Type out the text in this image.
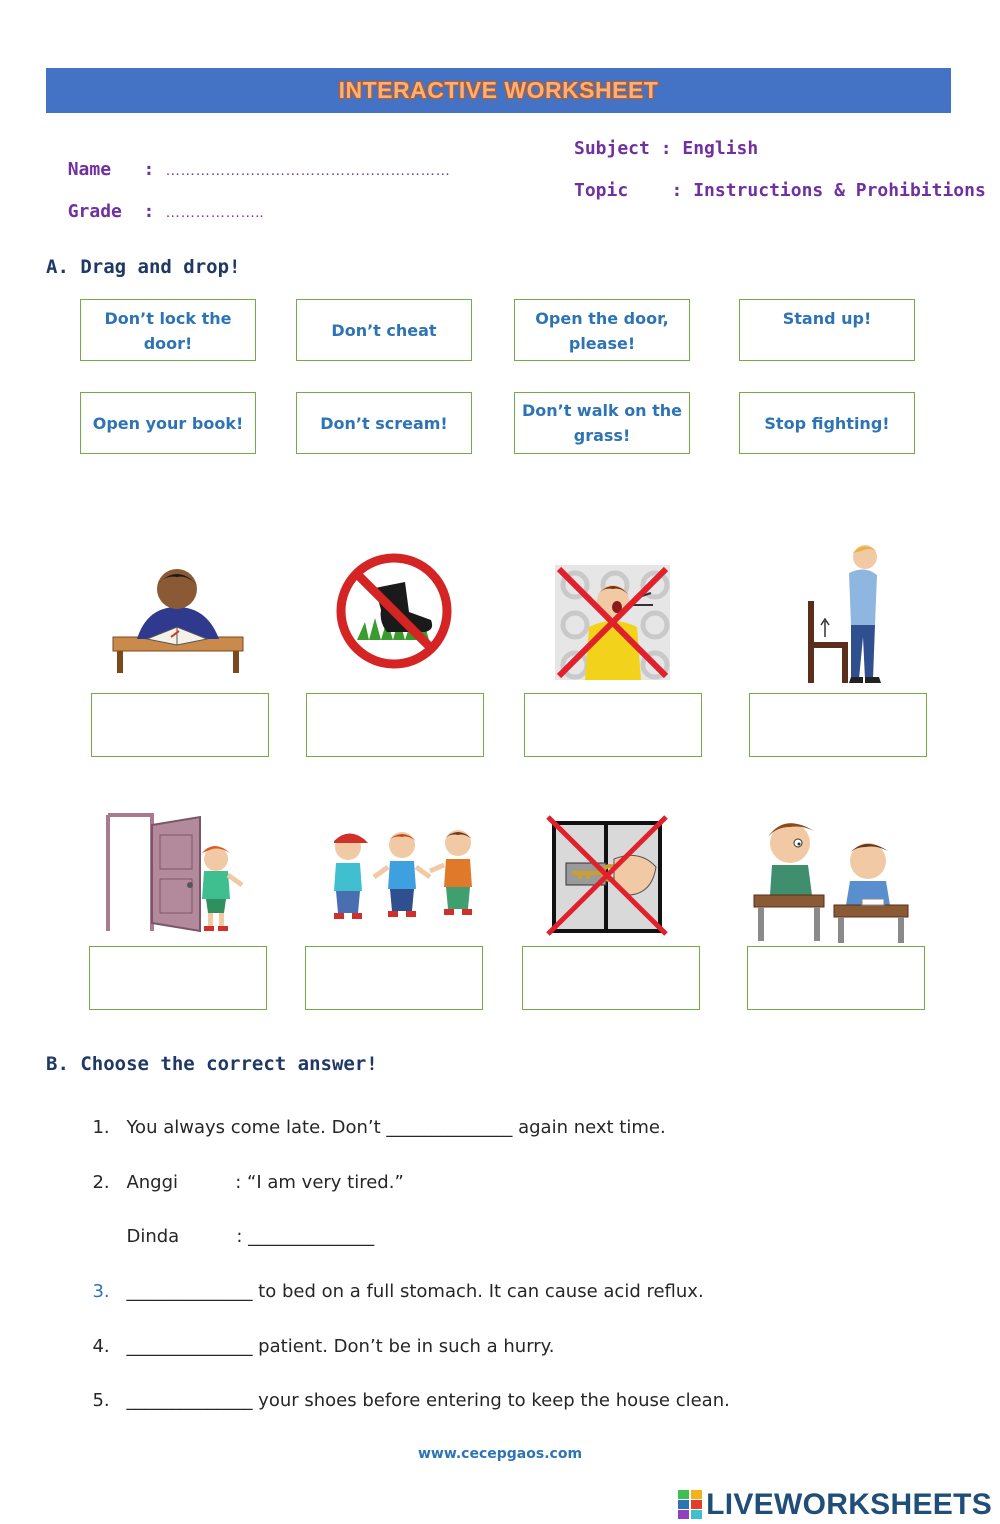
INTERACTIVE WORKSHEET

Name   : …………………………………………………

Grade  : ………………..

Subject : English
Topic    : Instructions & Prohibitions
A. Drag and drop!
Don’t lock the door!
Don’t cheat
Open the door, please!
Stand up!
Open your book!	Don’t scream!
Don’t walk on the grass!
Stop fighting!
B. Choose the correct answer!

1. You always come late. Don’t ______________ again next time.

2. Anggi          : “I am very tired.”

Dinda          : ______________

3. ______________ to bed on a full stomach. It can cause acid reflux.

4. ______________ patient. Don’t be in such a hurry.

5. ______________ your shoes before entering to keep the house clean.

www.cecepgaos.com
LIVEWORKSHEETS
